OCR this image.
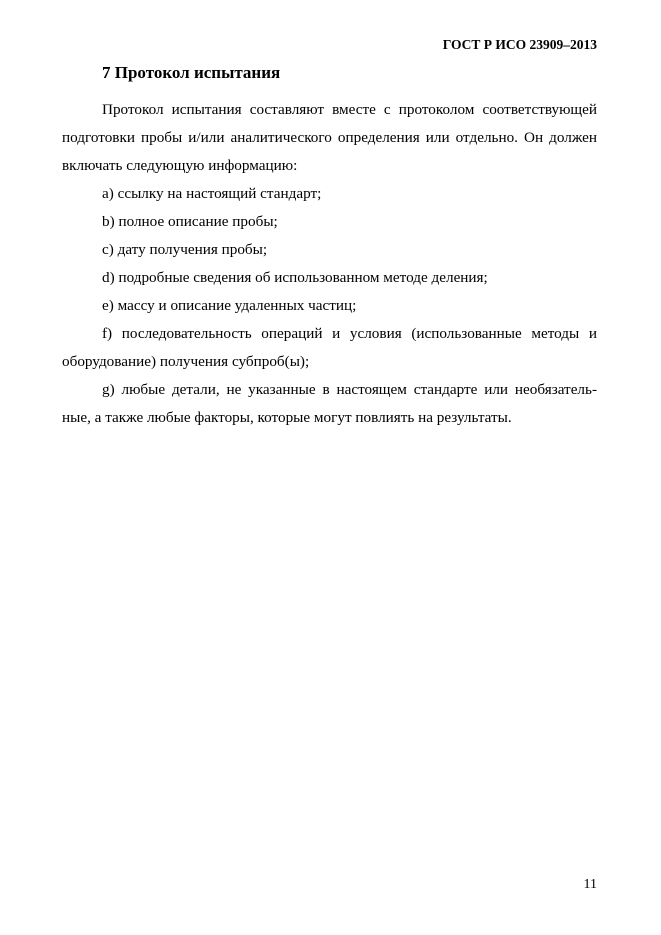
ГОСТ Р ИСО 23909–2013
7 Протокол испытания
Протокол испытания составляют вместе с протоколом соответствующей
подготовки пробы и/или аналитического определения или отдельно. Он должен
включать следующую информацию:
а) ссылку на настоящий стандарт;
b) полное описание пробы;
c) дату получения пробы;
d) подробные сведения об использованном методе деления;
e) массу и описание удаленных частиц;
f) последовательность операций и условия (использованные методы и
оборудование) получения субпроб(ы);
g) любые детали, не указанные в настоящем стандарте или необязатель-
ные, а также любые факторы, которые могут повлиять на результаты.
11
